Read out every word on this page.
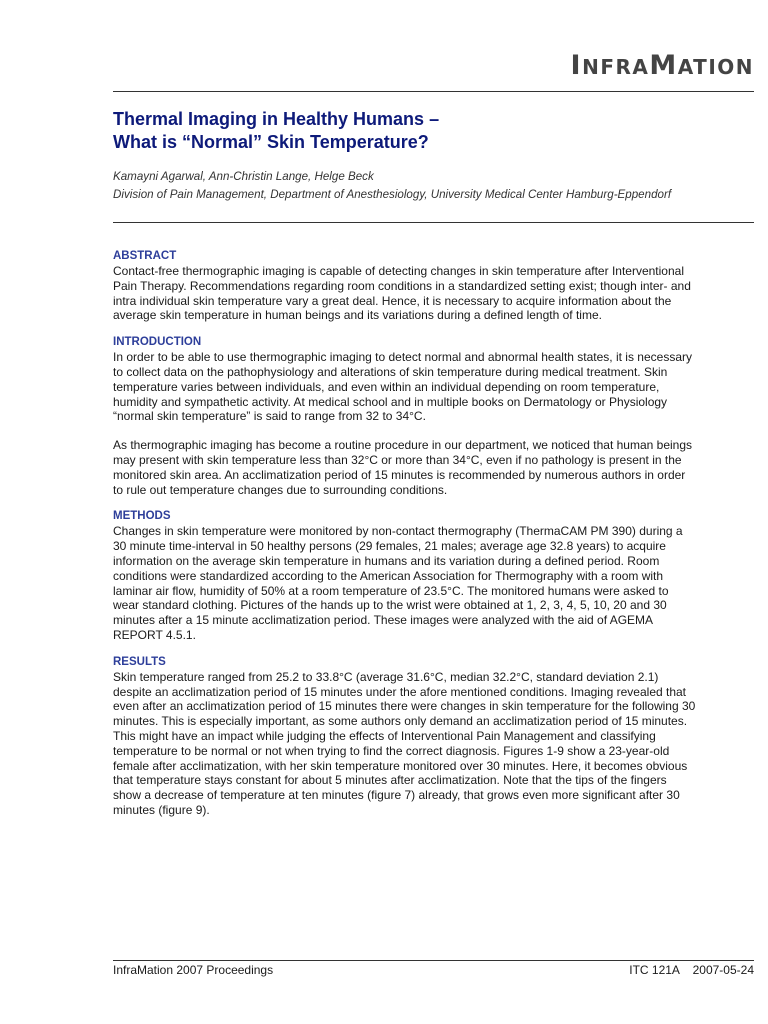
INFRAMATION
Thermal Imaging in Healthy Humans –
What is “Normal” Skin Temperature?
Kamayni Agarwal, Ann-Christin Lange, Helge Beck
Division of Pain Management, Department of Anesthesiology, University Medical Center Hamburg-Eppendorf
ABSTRACT
Contact-free thermographic imaging is capable of detecting changes in skin temperature after Interventional
Pain Therapy. Recommendations regarding room conditions in a standardized setting exist; though inter- and
intra individual skin temperature vary a great deal. Hence, it is necessary to acquire information about the
average skin temperature in human beings and its variations during a defined length of time.
INTRODUCTION
In order to be able to use thermographic imaging to detect normal and abnormal health states, it is necessary
to collect data on the pathophysiology and alterations of skin temperature during medical treatment. Skin
temperature varies between individuals, and even within an individual depending on room temperature,
humidity and sympathetic activity. At medical school and in multiple books on Dermatology or Physiology
“normal skin temperature” is said to range from 32 to 34°C.
As thermographic imaging has become a routine procedure in our department, we noticed that human beings
may present with skin temperature less than 32°C or more than 34°C, even if no pathology is present in the
monitored skin area. An acclimatization period of 15 minutes is recommended by numerous authors in order
to rule out temperature changes due to surrounding conditions.
METHODS
Changes in skin temperature were monitored by non-contact thermography (ThermaCAM PM 390) during a
30 minute time-interval in 50 healthy persons (29 females, 21 males; average age 32.8 years) to acquire
information on the average skin temperature in humans and its variation during a defined period. Room
conditions were standardized according to the American Association for Thermography with a room with
laminar air flow, humidity of 50% at a room temperature of 23.5°C. The monitored humans were asked to
wear standard clothing. Pictures of the hands up to the wrist were obtained at 1, 2, 3, 4, 5, 10, 20 and 30
minutes after a 15 minute acclimatization period. These images were analyzed with the aid of AGEMA
REPORT 4.5.1.
RESULTS
Skin temperature ranged from 25.2 to 33.8°C (average 31.6°C, median 32.2°C, standard deviation 2.1)
despite an acclimatization period of 15 minutes under the afore mentioned conditions. Imaging revealed that
even after an acclimatization period of 15 minutes there were changes in skin temperature for the following 30
minutes. This is especially important, as some authors only demand an acclimatization period of 15 minutes.
This might have an impact while judging the effects of Interventional Pain Management and classifying
temperature to be normal or not when trying to find the correct diagnosis. Figures 1-9 show a 23-year-old
female after acclimatization, with her skin temperature monitored over 30 minutes. Here, it becomes obvious
that temperature stays constant for about 5 minutes after acclimatization. Note that the tips of the fingers
show a decrease of temperature at ten minutes (figure 7) already, that grows even more significant after 30
minutes (figure 9).
InfraMation 2007 Proceedings	ITC 121A    2007-05-24
